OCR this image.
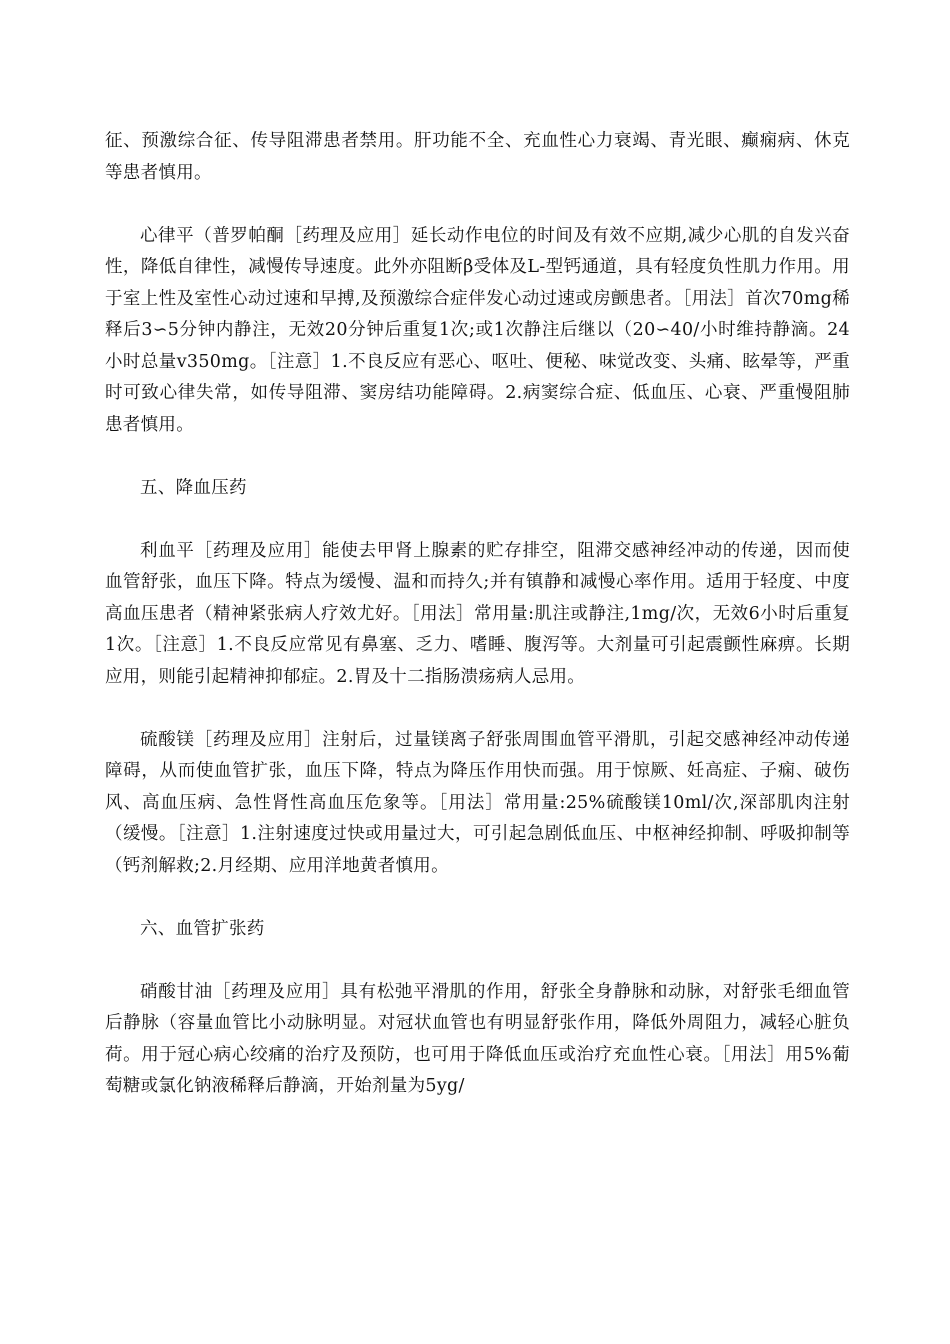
征、预激综合征、传导阻滞患者禁用。肝功能不全、充血性心力衰竭、青光眼、癫痫病、休克等患者慎用。

心律平（普罗帕酮［药理及应用］延长动作电位的时间及有效不应期,减少心肌的自发兴奋性，降低自律性，减慢传导速度。此外亦阻断β受体及L-型钙通道，具有轻度负性肌力作用。用于室上性及室性心动过速和早搏,及预激综合症伴发心动过速或房颤患者。［用法］首次70mg稀释后3∽5分钟内静注，无效20分钟后重复1次;或1次静注后继以（20∽40/小时维持静滴。24小时总量v350mg。［注意］1.不良反应有恶心、呕吐、便秘、味觉改变、头痛、眩晕等，严重时可致心律失常，如传导阻滞、窦房结功能障碍。2.病窦综合症、低血压、心衰、严重慢阻肺患者慎用。

五、降血压药

利血平［药理及应用］能使去甲肾上腺素的贮存排空，阻滞交感神经冲动的传递，因而使血管舒张，血压下降。特点为缓慢、温和而持久;并有镇静和减慢心率作用。适用于轻度、中度高血压患者（精神紧张病人疗效尤好。［用法］常用量:肌注或静注,1mg/次，无效6小时后重复1次。［注意］1.不良反应常见有鼻塞、乏力、嗜睡、腹泻等。大剂量可引起震颤性麻痹。长期应用，则能引起精神抑郁症。2.胃及十二指肠溃疡病人忌用。

硫酸镁［药理及应用］注射后，过量镁离子舒张周围血管平滑肌，引起交感神经冲动传递障碍，从而使血管扩张，血压下降，特点为降压作用快而强。用于惊厥、妊高症、子痫、破伤风、高血压病、急性肾性高血压危象等。［用法］常用量:25%硫酸镁10ml/次,深部肌肉注射（缓慢。［注意］1.注射速度过快或用量过大，可引起急剧低血压、中枢神经抑制、呼吸抑制等（钙剂解救;2.月经期、应用洋地黄者慎用。

六、血管扩张药

硝酸甘油［药理及应用］具有松弛平滑肌的作用，舒张全身静脉和动脉，对舒张毛细血管后静脉（容量血管比小动脉明显。对冠状血管也有明显舒张作用，降低外周阻力，减轻心脏负荷。用于冠心病心绞痛的治疗及预防，也可用于降低血压或治疗充血性心衰。［用法］用5%葡萄糖或氯化钠液稀释后静滴，开始剂量为5yg/
